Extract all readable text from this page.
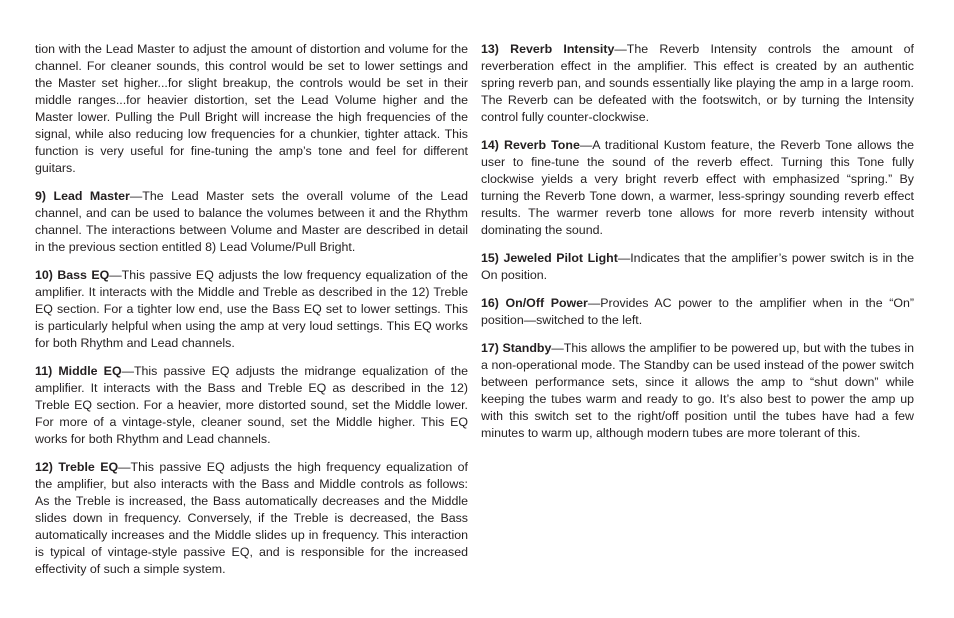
tion with the Lead Master to adjust the amount of distortion and volume for the channel. For cleaner sounds, this control would be set to lower settings and the Master set higher...for slight breakup, the controls would be set in their middle ranges...for heavier distortion, set the Lead Volume higher and the Master lower. Pulling the Pull Bright will increase the high frequencies of the signal, while also reducing low frequencies for a chunkier, tighter attack. This function is very useful for fine-tuning the amp’s tone and feel for different guitars.

9) Lead Master—The Lead Master sets the overall volume of the Lead channel, and can be used to balance the volumes between it and the Rhythm channel. The interactions between Volume and Master are described in detail in the previous section entitled 8) Lead Volume/Pull Bright.

10) Bass EQ—This passive EQ adjusts the low frequency equalization of the amplifier. It interacts with the Middle and Treble as described in the 12) Treble EQ section. For a tighter low end, use the Bass EQ set to lower settings. This is particularly helpful when using the amp at very loud settings. This EQ works for both Rhythm and Lead channels.

11) Middle EQ—This passive EQ adjusts the midrange equalization of the amplifier. It interacts with the Bass and Treble EQ as described in the 12) Treble EQ section. For a heavier, more distorted sound, set the Middle lower. For more of a vintage-style, cleaner sound, set the Middle higher. This EQ works for both Rhythm and Lead channels.

12) Treble EQ—This passive EQ adjusts the high frequency equalization of the amplifier, but also interacts with the Bass and Middle controls as follows: As the Treble is increased, the Bass automatically decreases and the Middle slides down in frequency. Conversely, if the Treble is decreased, the Bass automatically increases and the Middle slides up in frequency. This interaction is typical of vintage-style passive EQ, and is responsible for the increased effectivity of such a simple system.

13) Reverb Intensity—The Reverb Intensity controls the amount of reverberation effect in the amplifier. This effect is created by an authentic spring reverb pan, and sounds essentially like playing the amp in a large room. The Reverb can be defeated with the footswitch, or by turning the Intensity control fully counter-clockwise.

14) Reverb Tone—A traditional Kustom feature, the Reverb Tone allows the user to fine-tune the sound of the reverb effect. Turning this Tone fully clockwise yields a very bright reverb effect with emphasized “spring.” By turning the Reverb Tone down, a warmer, less-springy sounding reverb effect results. The warmer reverb tone allows for more reverb intensity without dominating the sound.

15) Jeweled Pilot Light—Indicates that the amplifier’s power switch is in the On position.

16) On/Off Power—Provides AC power to the amplifier when in the “On” position—switched to the left.

17) Standby—This allows the amplifier to be powered up, but with the tubes in a non-operational mode. The Standby can be used instead of the power switch between performance sets, since it allows the amp to “shut down” while keeping the tubes warm and ready to go. It’s also best to power the amp up with this switch set to the right/off position until the tubes have had a few minutes to warm up, although modern tubes are more tolerant of this.
